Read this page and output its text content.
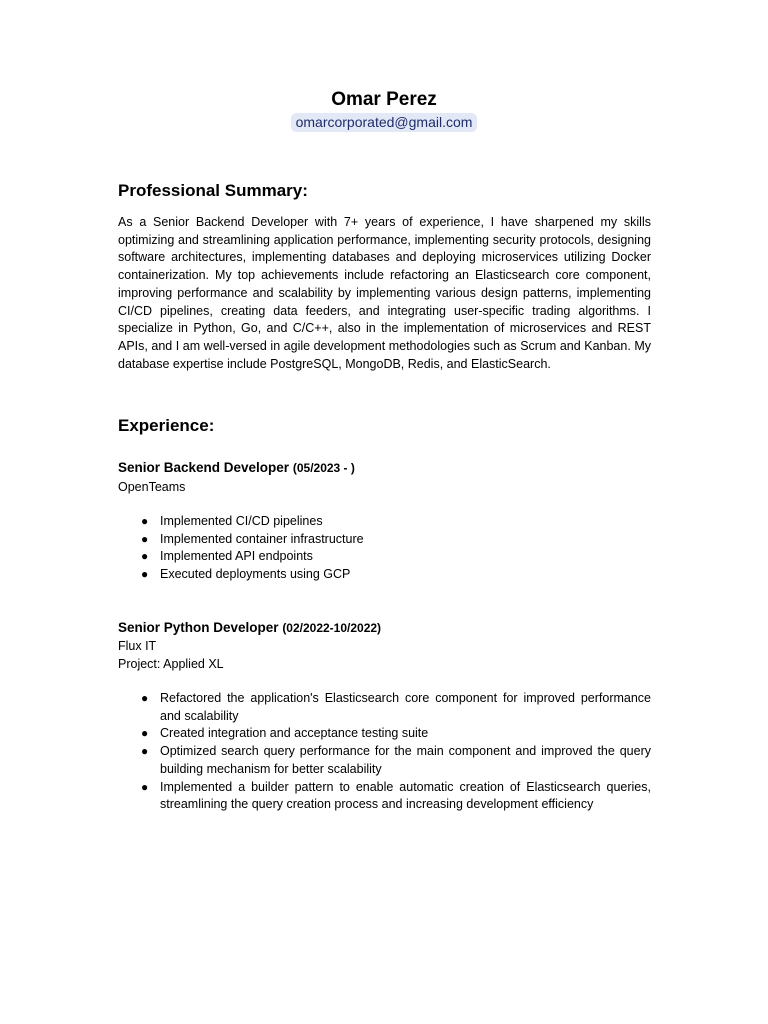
Omar Perez
omarcorporated@gmail.com
Professional Summary:
As a Senior Backend Developer with 7+ years of experience, I have sharpened my skills optimizing and streamlining application performance, implementing security protocols, designing software architectures, implementing databases and deploying microservices utilizing Docker containerization. My top achievements include refactoring an Elasticsearch core component, improving performance and scalability by implementing various design patterns, implementing CI/CD pipelines, creating data feeders, and integrating user-specific trading algorithms. I specialize in Python, Go, and C/C++, also in the implementation of microservices and REST APIs, and I am well-versed in agile development methodologies such as Scrum and Kanban. My database expertise include PostgreSQL, MongoDB, Redis, and ElasticSearch.
Experience:
Senior Backend Developer (05/2023 - )
OpenTeams
● Implemented CI/CD pipelines
● Implemented container infrastructure
● Implemented API endpoints
● Executed deployments using GCP
Senior Python Developer (02/2022-10/2022)
Flux IT
Project: Applied XL
● Refactored the application's Elasticsearch core component for improved performance and scalability
● Created integration and acceptance testing suite
● Optimized search query performance for the main component and improved the query building mechanism for better scalability
● Implemented a builder pattern to enable automatic creation of Elasticsearch queries, streamlining the query creation process and increasing development efficiency
